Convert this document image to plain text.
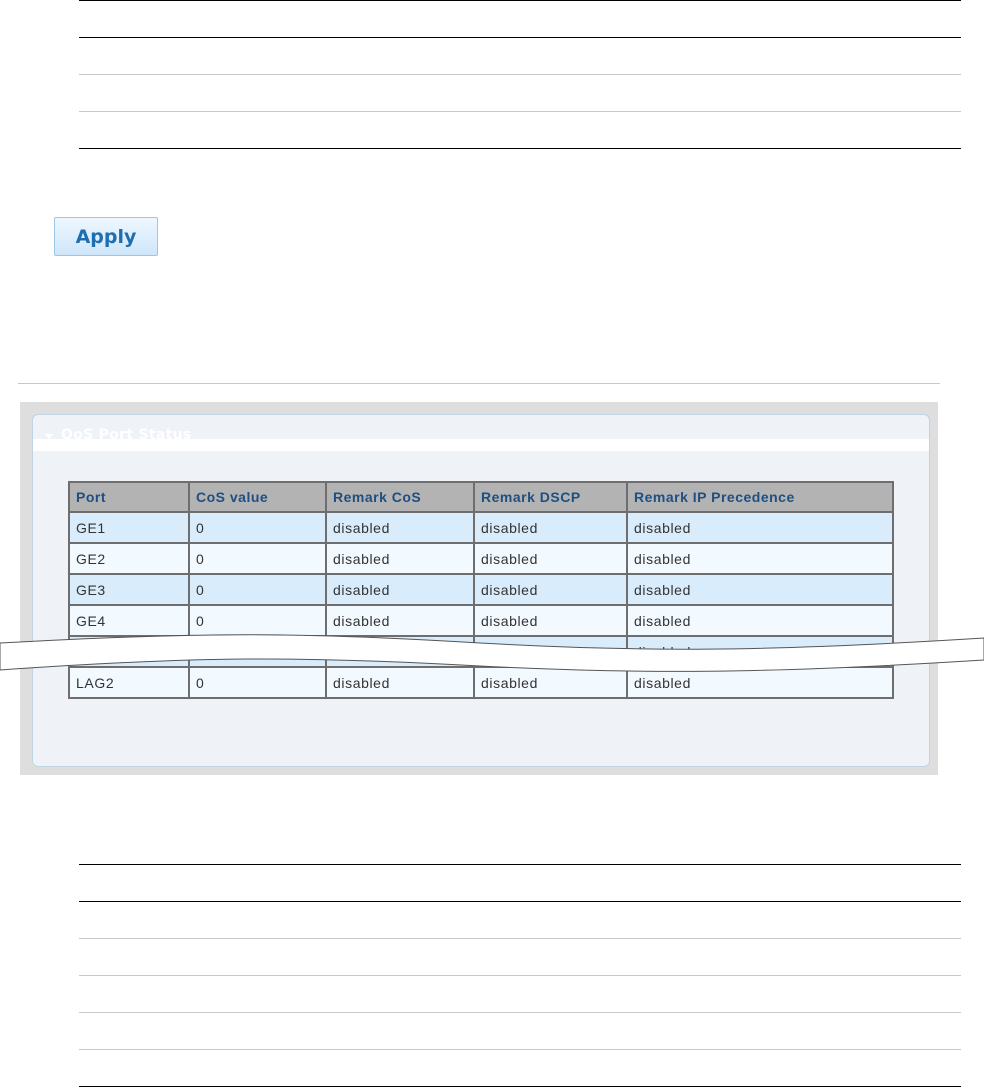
Apply
QoS Port Status
Port	CoS value	Remark CoS	Remark DSCP	Remark IP Precedence
GE1	0	disabled	disabled	disabled
GE2	0	disabled	disabled	disabled
GE3	0	disabled	disabled	disabled
GE4	0	disabled	disabled	disabled

LAG2	0	disabled	disabled	disabled
